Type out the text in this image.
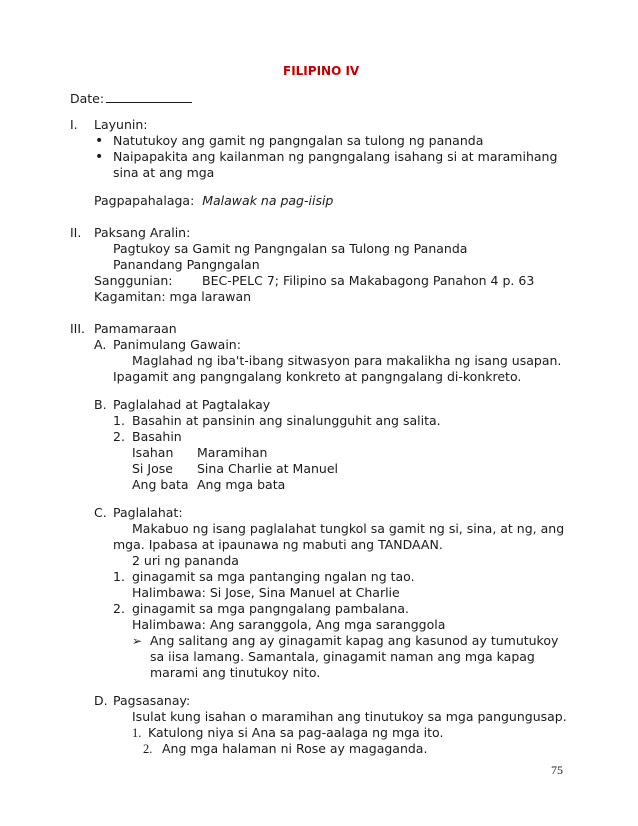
FILIPINO IV
Date:
I. Layunin:
• Natutukoy ang gamit ng pangngalan sa tulong ng pananda
• Naipapakita ang kailanman ng pangngalang isahang si at maramihang
sina at ang mga
Pagpapahalaga: Malawak na pag-iisip
II. Paksang Aralin:
Pagtukoy sa Gamit ng Pangngalan sa Tulong ng Pananda
Panandang Pangngalan
Sanggunian: BEC-PELC 7; Filipino sa Makabagong Panahon 4 p. 63
Kagamitan: mga larawan
III. Pamamaraan
A. Panimulang Gawain:
Maglahad ng iba't-ibang sitwasyon para makalikha ng isang usapan.
Ipagamit ang pangngalang konkreto at pangngalang di-konkreto.
B. Paglalahad at Pagtalakay
1. Basahin at pansinin ang sinalungguhit ang salita.
2. Basahin
Isahan Maramihan
Si Jose Sina Charlie at Manuel
Ang bata Ang mga bata
C. Paglalahat:
Makabuo ng isang paglalahat tungkol sa gamit ng si, sina, at ng, ang
mga. Ipabasa at ipaunawa ng mabuti ang TANDAAN.
2 uri ng pananda
1. ginagamit sa mga pantanging ngalan ng tao.
Halimbawa: Si Jose, Sina Manuel at Charlie
2. ginagamit sa mga pangngalang pambalana.
Halimbawa: Ang saranggola, Ang mga saranggola
➢ Ang salitang ang ay ginagamit kapag ang kasunod ay tumutukoy
sa iisa lamang. Samantala, ginagamit naman ang mga kapag
marami ang tinutukoy nito.
D. Pagsasanay:
Isulat kung isahan o maramihan ang tinutukoy sa mga pangungusap.
1. Katulong niya si Ana sa pag-aalaga ng mga ito.
2. Ang mga halaman ni Rose ay magaganda.
75
